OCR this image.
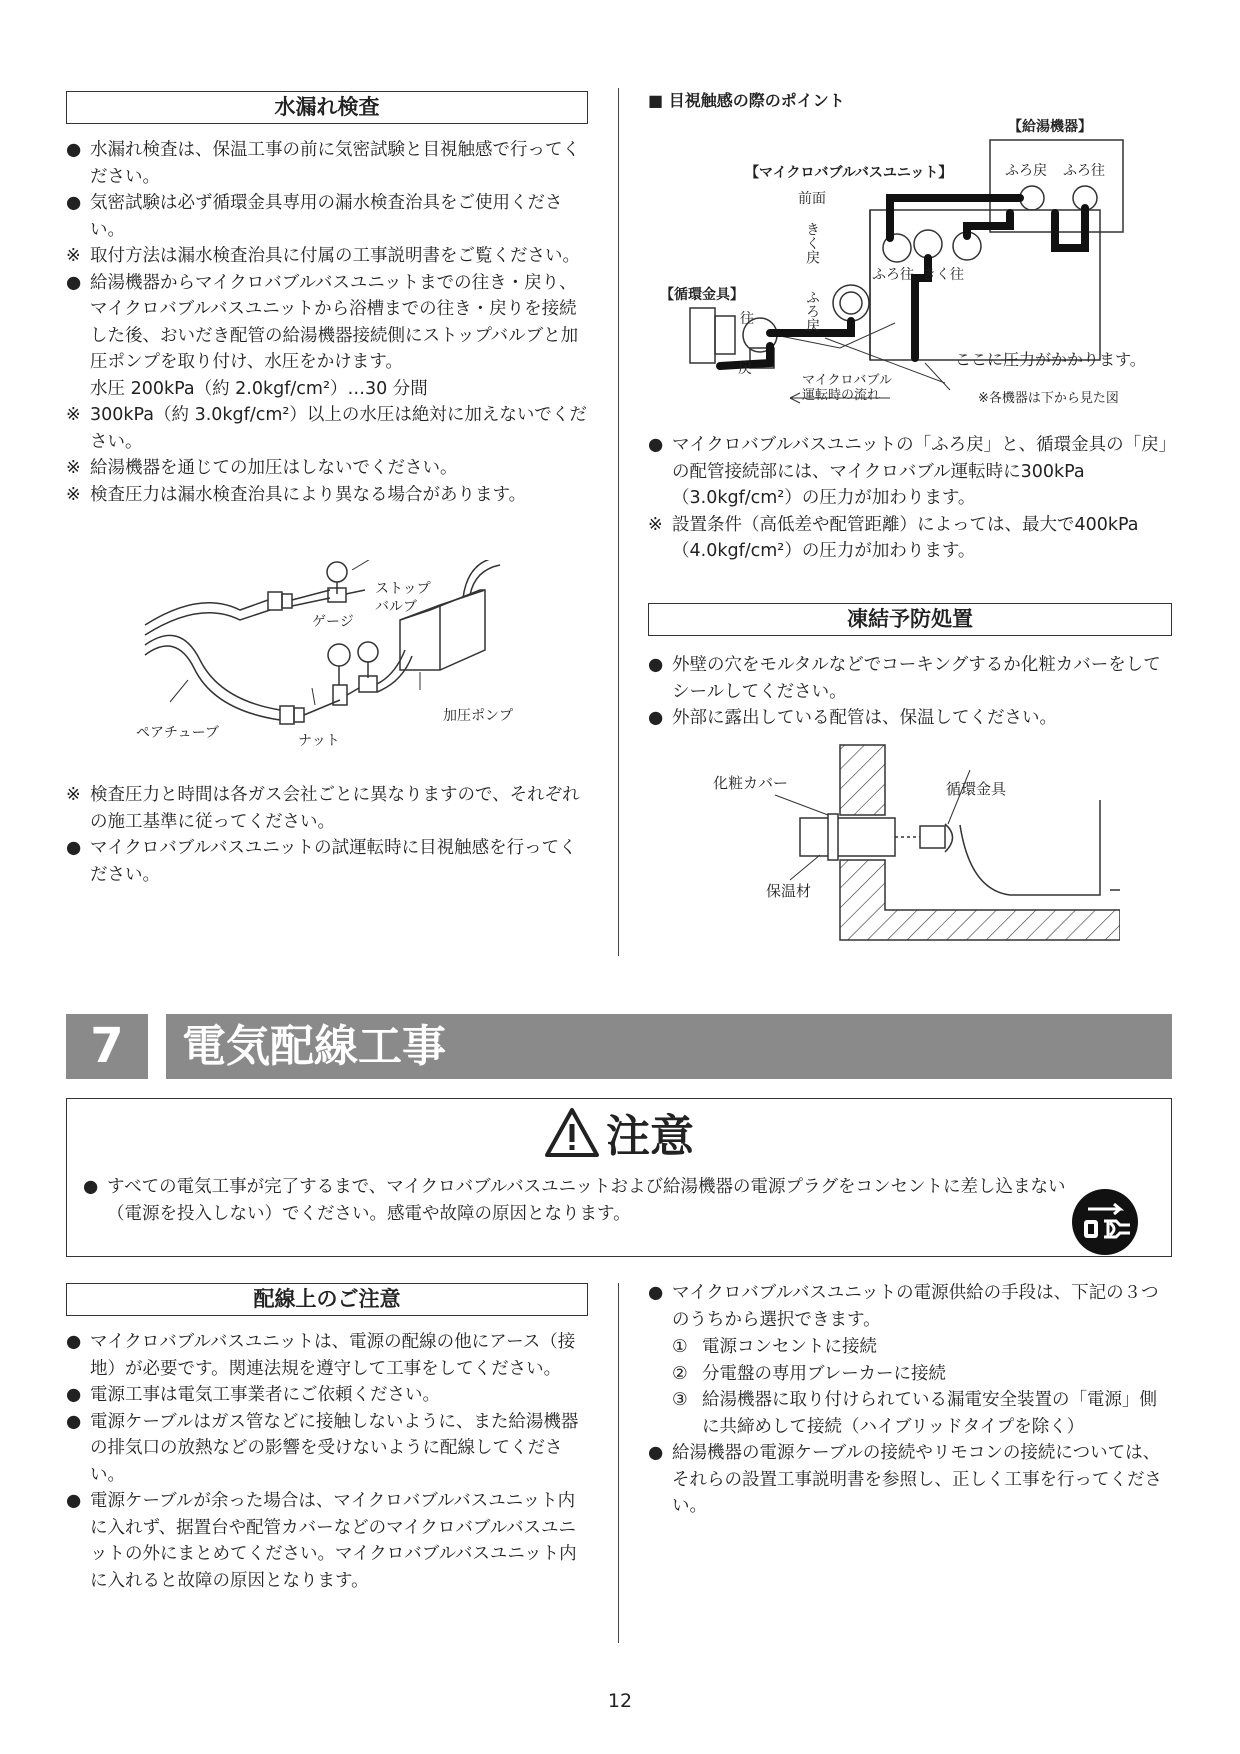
水漏れ検査
● 水漏れ検査は、保温工事の前に気密試験と目視触感で行ってください。
● 気密試験は必ず循環金具専用の漏水検査治具をご使用ください。
※ 取付方法は漏水検査治具に付属の工事説明書をご覧ください。
● 給湯機器からマイクロバブルバスユニットまでの往き・戻り、マイクロバブルバスユニットから浴槽までの往き・戻りを接続した後、おいだき配管の給湯機器接続側にストップバルブと加圧ポンプを取り付け、水圧をかけます。
水圧 200kPa（約 2.0kgf/cm²）…30 分間
※ 300kPa（約 3.0kgf/cm²）以上の水圧は絶対に加えないでください。
※ 給湯機器を通じての加圧はしないでください。
※ 検査圧力は漏水検査治具により異なる場合があります。
ストップ
バルブ
ゲージ
加圧ポンプ
ペアチューブ	ナット
※ 検査圧力と時間は各ガス会社ごとに異なりますので、それぞれの施工基準に従ってください。
● マイクロバブルバスユニットの試運転時に目視触感を行ってください。
■ 目視触感の際のポイント
【給湯機器】
ふろ戻 ふろ往
【マイクロバブルバスユニット】
前面
きく戻
ふろ戻
ふろ往 きく往
【循環金具】
往
戻	ここに圧力がかかります。
マイクロバブル
運転時の流れ	※各機器は下から見た図
● マイクロバブルバスユニットの「ふろ戻」と、循環金具の「戻」の配管接続部には、マイクロバブル運転時に300kPa（3.0kgf/cm²）の圧力が加わります。
※ 設置条件（高低差や配管距離）によっては、最大で400kPa（4.0kgf/cm²）の圧力が加わります。
凍結予防処置
● 外壁の穴をモルタルなどでコーキングするか化粧カバーをしてシールしてください。
● 外部に露出している配管は、保温してください。
化粧カバー	循環金具
保温材
7	電気配線工事
注意
● すべての電気工事が完了するまで、マイクロバブルバスユニットおよび給湯機器の電源プラグをコンセントに差し込まない（電源を投入しない）でください。感電や故障の原因となります。
配線上のご注意
● マイクロバブルバスユニットは、電源の配線の他にアース（接地）が必要です。関連法規を遵守して工事をしてください。
● 電源工事は電気工事業者にご依頼ください。
● 電源ケーブルはガス管などに接触しないように、また給湯機器の排気口の放熱などの影響を受けないように配線してください。
● 電源ケーブルが余った場合は、マイクロバブルバスユニット内に入れず、据置台や配管カバーなどのマイクロバブルバスユニットの外にまとめてください。マイクロバブルバスユニット内に入れると故障の原因となります。
● マイクロバブルバスユニットの電源供給の手段は、下記の３つのうちから選択できます。
① 電源コンセントに接続
② 分電盤の専用ブレーカーに接続
③ 給湯機器に取り付けられている漏電安全装置の「電源」側に共締めして接続（ハイブリッドタイプを除く）
● 給湯機器の電源ケーブルの接続やリモコンの接続については、それらの設置工事説明書を参照し、正しく工事を行ってください。
12
